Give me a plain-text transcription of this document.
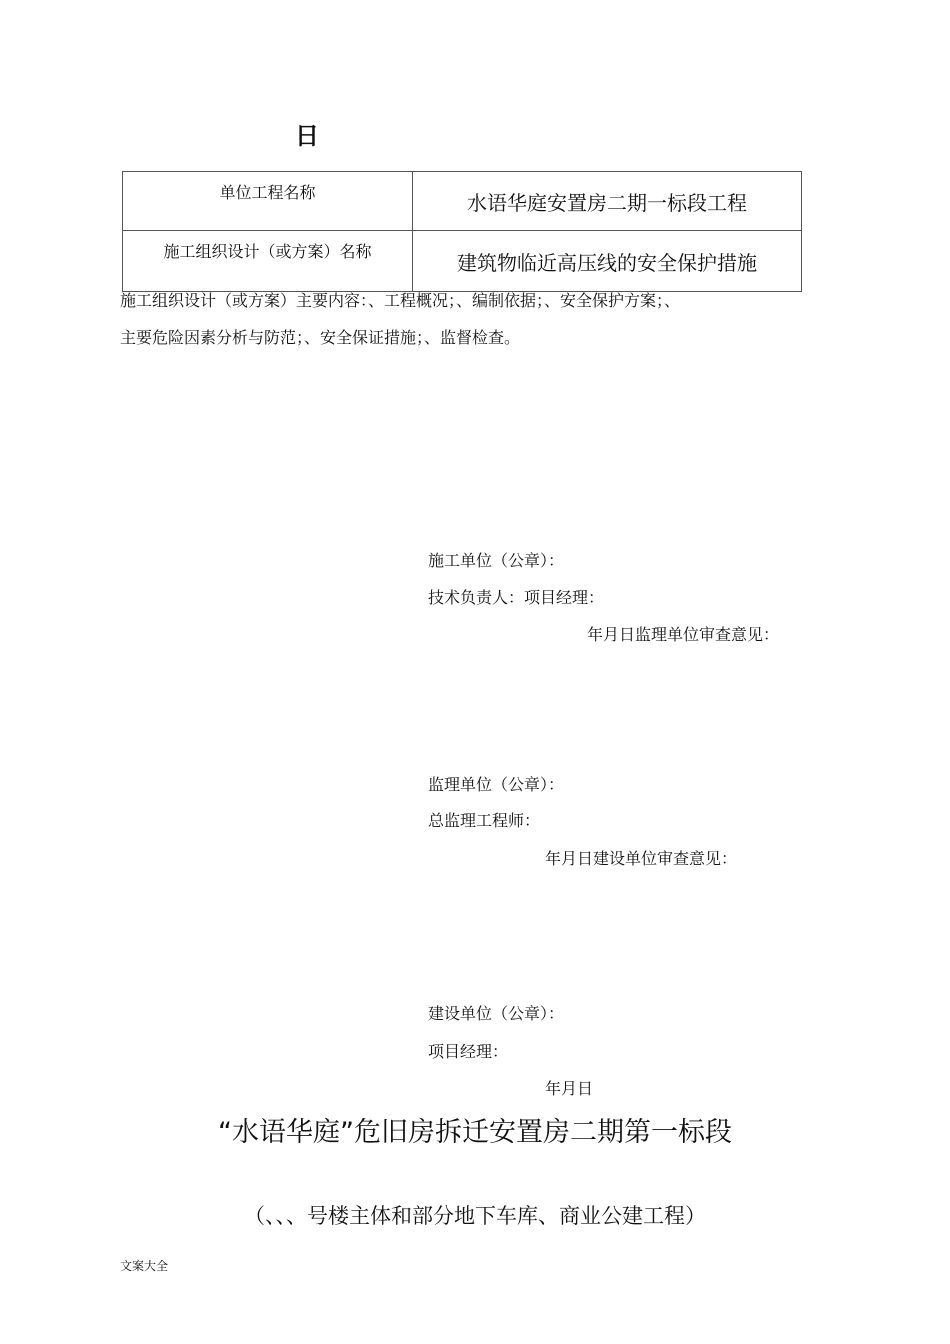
日
单位工程名称	水语华庭安置房二期一标段工程
施工组织设计（或方案）名称	建筑物临近高压线的安全保护措施
施工组织设计（或方案）主要内容：、工程概况；、编制依据；、安全保护方案；、
主要危险因素分析与防范；、安全保证措施；、监督检查。
施工单位（公章）：
技术负责人：项目经理：
年月日监理单位审查意见：
监理单位（公章）：
总监理工程师：
年月日建设单位审查意见：
建设单位（公章）：
项目经理：
年月日
“水语华庭”危旧房拆迁安置房二期第一标段
（、、、号楼主体和部分地下车库、商业公建工程）
文案大全
